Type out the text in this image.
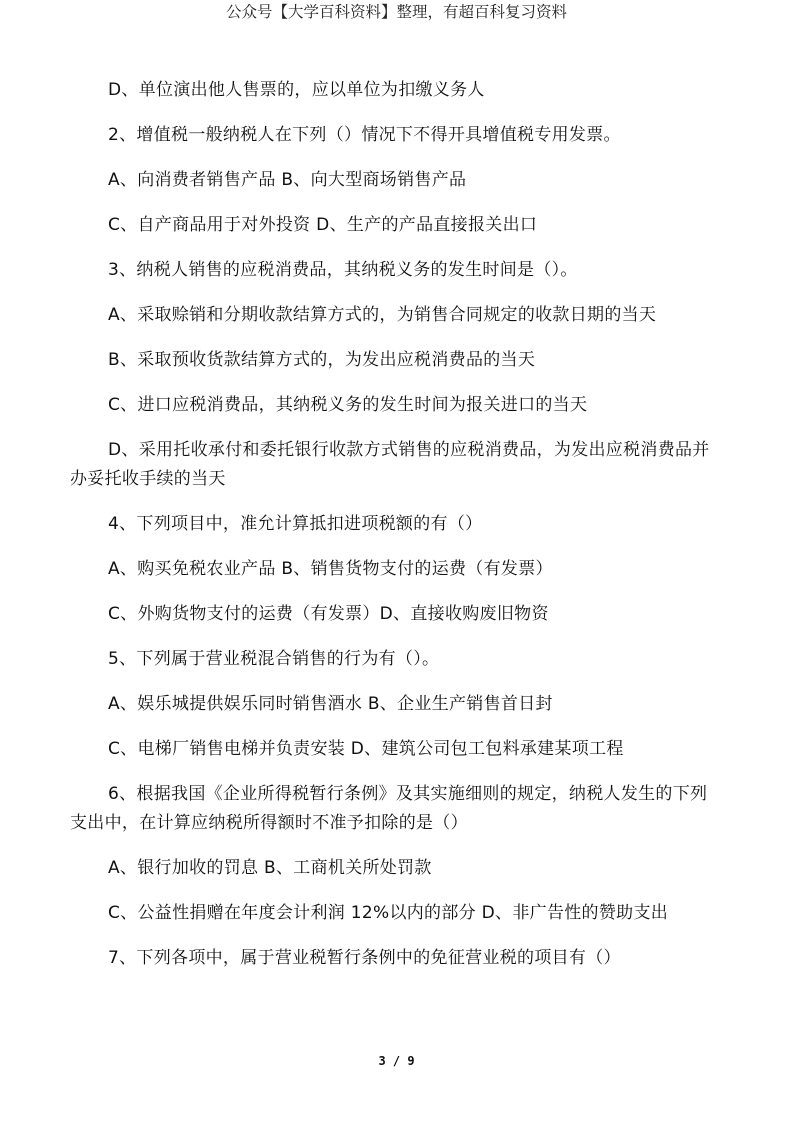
公众号【大学百科资料】整理，有超百科复习资料

D、单位演出他人售票的，应以单位为扣缴义务人

2、增值税一般纳税人在下列（）情况下不得开具增值税专用发票。

A、向消费者销售产品 B、向大型商场销售产品

C、自产商品用于对外投资 D、生产的产品直接报关出口

3、纳税人销售的应税消费品，其纳税义务的发生时间是（）。

A、采取赊销和分期收款结算方式的，为销售合同规定的收款日期的当天

B、采取预收货款结算方式的，为发出应税消费品的当天

C、进口应税消费品，其纳税义务的发生时间为报关进口的当天

D、采用托收承付和委托银行收款方式销售的应税消费品，为发出应税消费品并办妥托收手续的当天

4、下列项目中，准允计算抵扣进项税额的有（）

A、购买免税农业产品 B、销售货物支付的运费（有发票）

C、外购货物支付的运费（有发票）D、直接收购废旧物资

5、下列属于营业税混合销售的行为有（）。

A、娱乐城提供娱乐同时销售酒水 B、企业生产销售首日封

C、电梯厂销售电梯并负责安装 D、建筑公司包工包料承建某项工程

6、根据我国《企业所得税暂行条例》及其实施细则的规定，纳税人发生的下列支出中，在计算应纳税所得额时不准予扣除的是（）

A、银行加收的罚息 B、工商机关所处罚款

C、公益性捐赠在年度会计利润 12%以内的部分 D、非广告性的赞助支出

7、下列各项中，属于营业税暂行条例中的免征营业税的项目有（）

3 / 9
